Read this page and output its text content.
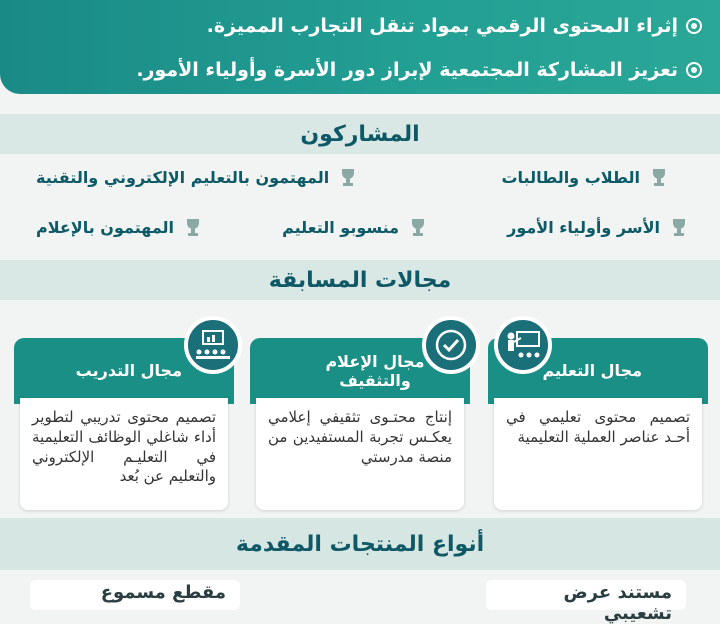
إثراء المحتوى الرقمي بمواد تنقل التجارب المميزة.
تعزيز المشاركة المجتمعية لإبراز دور الأسرة وأولياء الأمور.
المشاركون
الطلاب والطالبات
المهتمون بالتعليم الإلكتروني والتقنية
الأسر وأولياء الأمور
منسوبو التعليم
المهتمون بالإعلام
مجالات المسابقة
مجال التعليم
تصميم محتوى تعليمي في أحـد عناصر العملية التعليمية
مجال الإعلام والتثقيف
إنتاج محتـوى تثقيفي إعلامي يعكـس تجربة المستفيدين من منصة مدرستي
مجال التدريب
تصميم محتوى تدريبي لتطوير أداء شاغلي الوظائف التعليمية في التعليـم الإلكتروني والتعليم عن بُعد
أنواع المنتجات المقدمة
مستند عرض تشعيبي
مقطع مسموع
